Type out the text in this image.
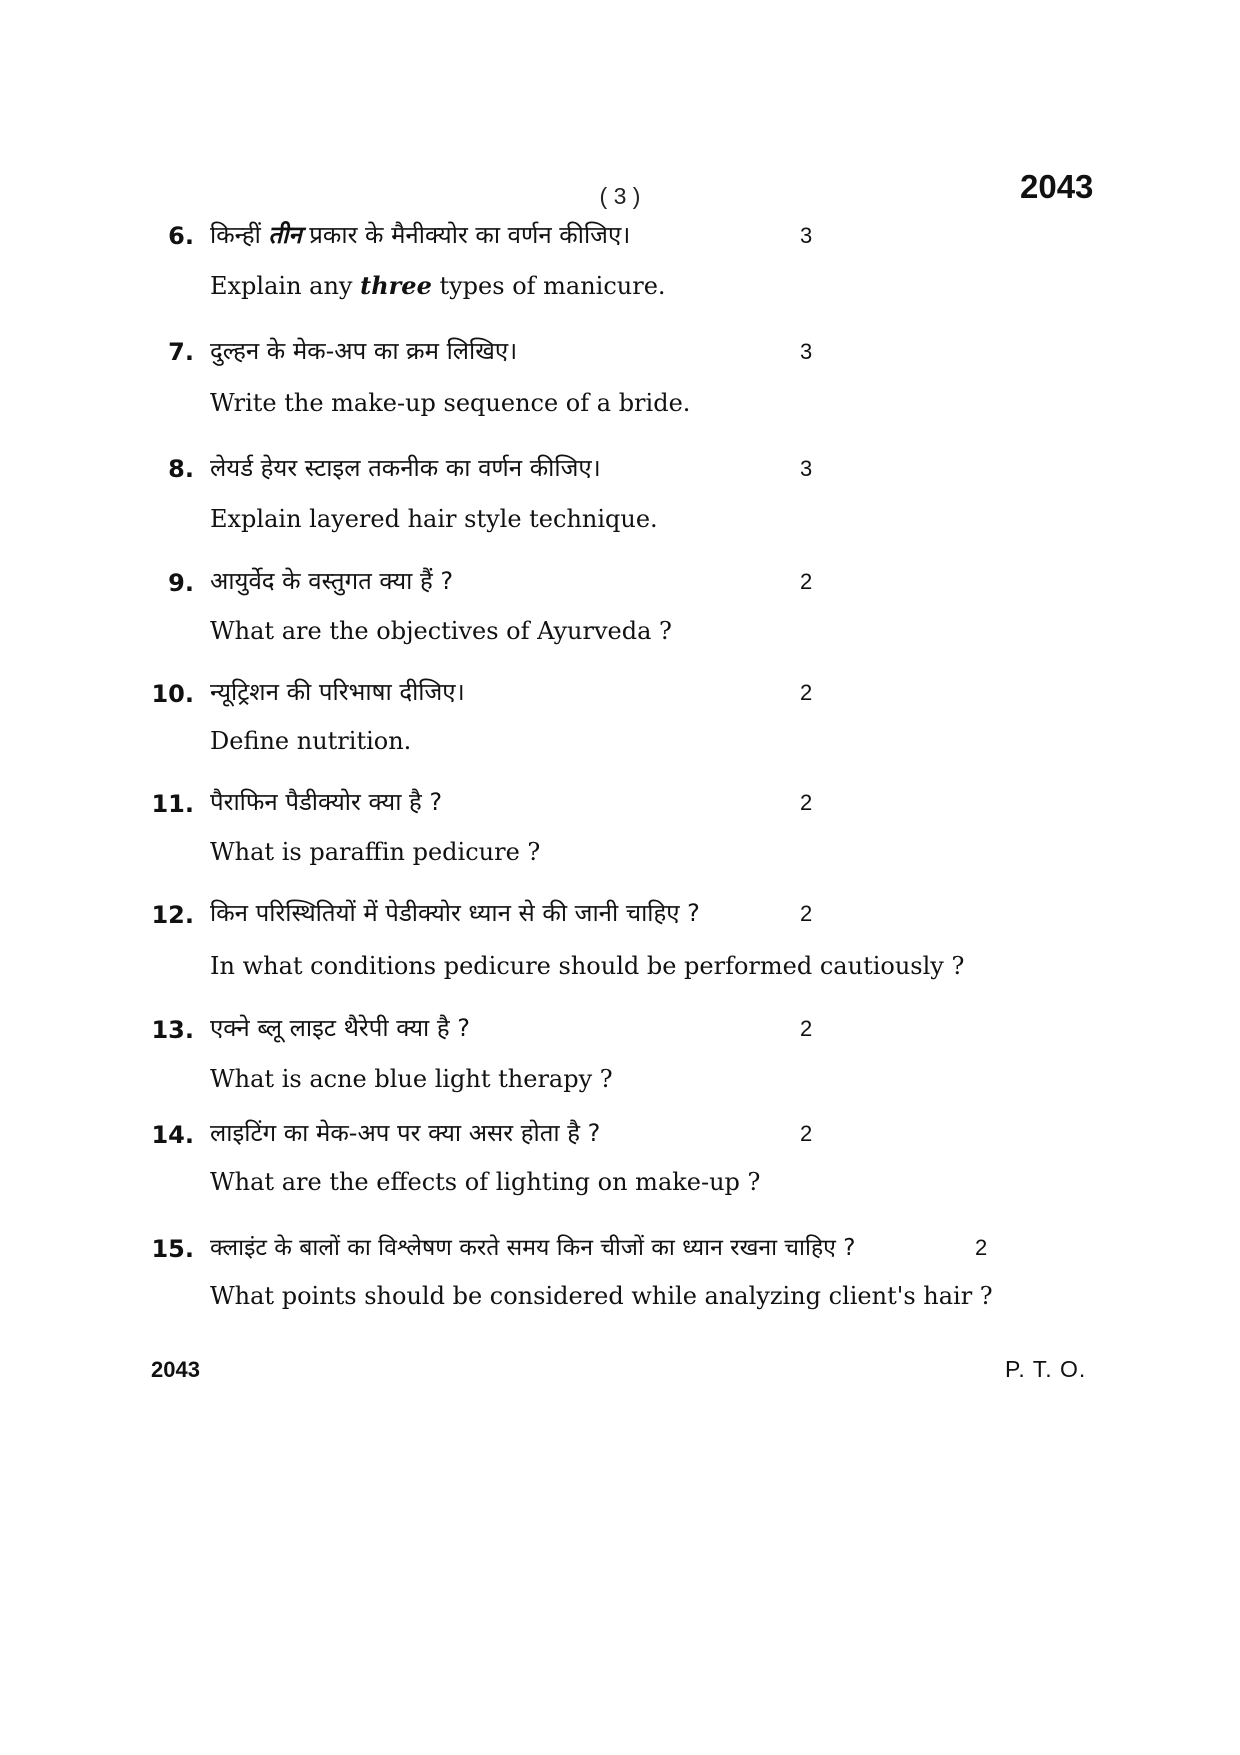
( 3 )	2043
6. किन्हीं तीन प्रकार के मैनीक्योर का वर्णन कीजिए।	3
Explain any three types of manicure.
7. दुल्हन के मेक-अप का क्रम लिखिए।	3
Write the make-up sequence of a bride.
8. लेयर्ड हेयर स्टाइल तकनीक का वर्णन कीजिए।	3
Explain layered hair style technique.
9. आयुर्वेद के वस्तुगत क्या हैं ?	2
What are the objectives of Ayurveda ?
10. न्यूट्रिशन की परिभाषा दीजिए।	2
Define nutrition.
11. पैराफिन पैडीक्योर क्या है ?	2
What is paraffin pedicure ?
12. किन परिस्थितियों में पेडीक्योर ध्यान से की जानी चाहिए ?	2
In what conditions pedicure should be performed cautiously ?
13. एक्ने ब्लू लाइट थैरेपी क्या है ?	2
What is acne blue light therapy ?
14. लाइटिंग का मेक-अप पर क्या असर होता है ?	2
What are the effects of lighting on make-up ?
15. क्लाइंट के बालों का विश्लेषण करते समय किन चीजों का ध्यान रखना चाहिए ?	2
What points should be considered while analyzing client's hair ?
2043	P. T. O.
